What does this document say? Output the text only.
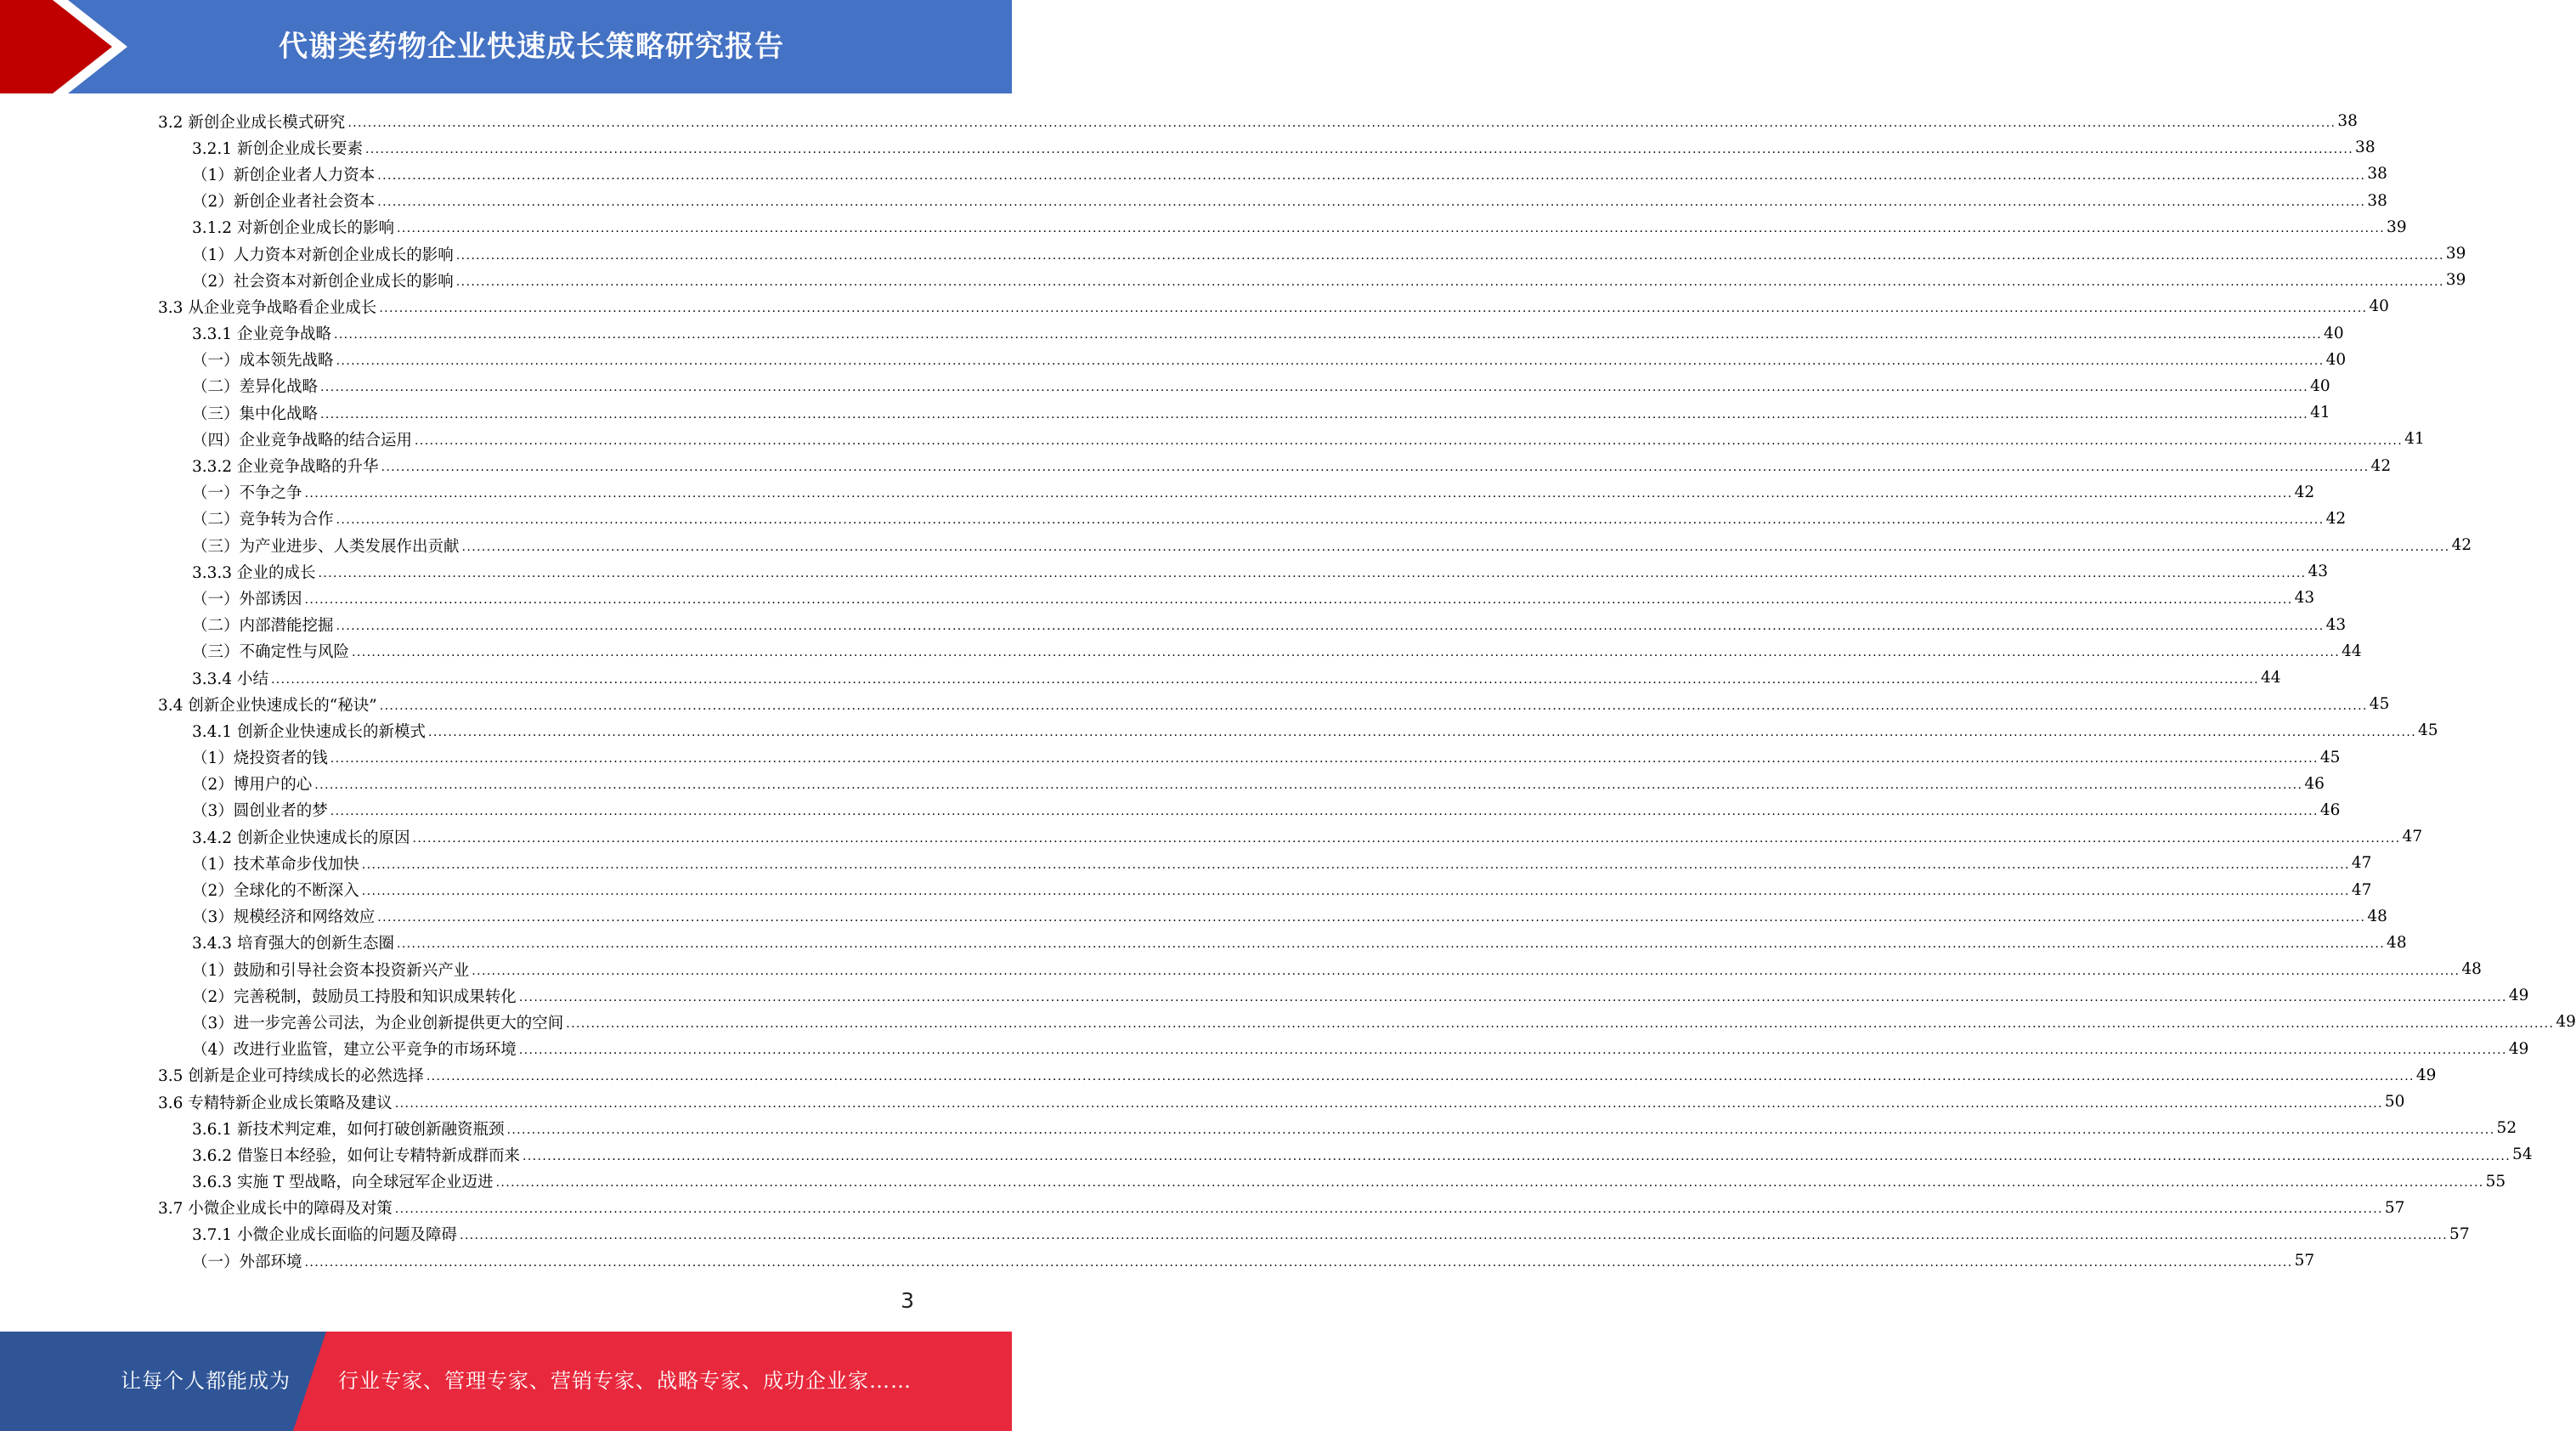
代谢类药物企业快速成长策略研究报告
3.2 新创企业成长模式研究 ................................................................................................................................................................................................................................................................................................................................................................................................................ 38
3.2.1 新创企业成长要素 ................................................................................................................................................................................................................................................................................................................................................................................................................ 38
（1）新创企业者人力资本 ................................................................................................................................................................................................................................................................................................................................................................................................................ 38
（2）新创企业者社会资本 ................................................................................................................................................................................................................................................................................................................................................................................................................ 38
3.1.2 对新创企业成长的影响 ................................................................................................................................................................................................................................................................................................................................................................................................................ 39
（1）人力资本对新创企业成长的影响 ................................................................................................................................................................................................................................................................................................................................................................................................................ 39
（2）社会资本对新创企业成长的影响 ................................................................................................................................................................................................................................................................................................................................................................................................................ 39
3.3 从企业竞争战略看企业成长 ................................................................................................................................................................................................................................................................................................................................................................................................................ 40
3.3.1 企业竞争战略 ................................................................................................................................................................................................................................................................................................................................................................................................................ 40
（一）成本领先战略 ................................................................................................................................................................................................................................................................................................................................................................................................................ 40
（二）差异化战略 ................................................................................................................................................................................................................................................................................................................................................................................................................ 40
（三）集中化战略 ................................................................................................................................................................................................................................................................................................................................................................................................................ 41
（四）企业竞争战略的结合运用 ................................................................................................................................................................................................................................................................................................................................................................................................................ 41
3.3.2 企业竞争战略的升华 ................................................................................................................................................................................................................................................................................................................................................................................................................ 42
（一）不争之争 ................................................................................................................................................................................................................................................................................................................................................................................................................ 42
（二）竞争转为合作 ................................................................................................................................................................................................................................................................................................................................................................................................................ 42
（三）为产业进步、人类发展作出贡献 ................................................................................................................................................................................................................................................................................................................................................................................................................ 42
3.3.3 企业的成长 ................................................................................................................................................................................................................................................................................................................................................................................................................ 43
（一）外部诱因 ................................................................................................................................................................................................................................................................................................................................................................................................................ 43
（二）内部潜能挖掘 ................................................................................................................................................................................................................................................................................................................................................................................................................ 43
（三）不确定性与风险 ................................................................................................................................................................................................................................................................................................................................................................................................................ 44
3.3.4 小结 ................................................................................................................................................................................................................................................................................................................................................................................................................ 44
3.4 创新企业快速成长的“秘诀” ................................................................................................................................................................................................................................................................................................................................................................................................................ 45
3.4.1 创新企业快速成长的新模式 ................................................................................................................................................................................................................................................................................................................................................................................................................ 45
（1）烧投资者的钱 ................................................................................................................................................................................................................................................................................................................................................................................................................ 45
（2）博用户的心 ................................................................................................................................................................................................................................................................................................................................................................................................................ 46
（3）圆创业者的梦 ................................................................................................................................................................................................................................................................................................................................................................................................................ 46
3.4.2 创新企业快速成长的原因 ................................................................................................................................................................................................................................................................................................................................................................................................................ 47
（1）技术革命步伐加快 ................................................................................................................................................................................................................................................................................................................................................................................................................ 47
（2）全球化的不断深入 ................................................................................................................................................................................................................................................................................................................................................................................................................ 47
（3）规模经济和网络效应 ................................................................................................................................................................................................................................................................................................................................................................................................................ 48
3.4.3 培育强大的创新生态圈 ................................................................................................................................................................................................................................................................................................................................................................................................................ 48
（1）鼓励和引导社会资本投资新兴产业 ................................................................................................................................................................................................................................................................................................................................................................................................................ 48
（2）完善税制，鼓励员工持股和知识成果转化 ................................................................................................................................................................................................................................................................................................................................................................................................................ 49
（3）进一步完善公司法，为企业创新提供更大的空间 ................................................................................................................................................................................................................................................................................................................................................................................................................ 49
（4）改进行业监管，建立公平竞争的市场环境 ................................................................................................................................................................................................................................................................................................................................................................................................................ 49
3.5 创新是企业可持续成长的必然选择 ................................................................................................................................................................................................................................................................................................................................................................................................................ 49
3.6 专精特新企业成长策略及建议 ................................................................................................................................................................................................................................................................................................................................................................................................................ 50
3.6.1 新技术判定难，如何打破创新融资瓶颈 ................................................................................................................................................................................................................................................................................................................................................................................................................ 52
3.6.2 借鉴日本经验，如何让专精特新成群而来 ................................................................................................................................................................................................................................................................................................................................................................................................................ 54
3.6.3 实施 T 型战略，向全球冠军企业迈进 ................................................................................................................................................................................................................................................................................................................................................................................................................ 55
3.7 小微企业成长中的障碍及对策 ................................................................................................................................................................................................................................................................................................................................................................................................................ 57
3.7.1 小微企业成长面临的问题及障碍 ................................................................................................................................................................................................................................................................................................................................................................................................................ 57
（一）外部环境 ................................................................................................................................................................................................................................................................................................................................................................................................................ 57
3
让每个人都能成为 行业专家、管理专家、营销专家、战略专家、成功企业家……
